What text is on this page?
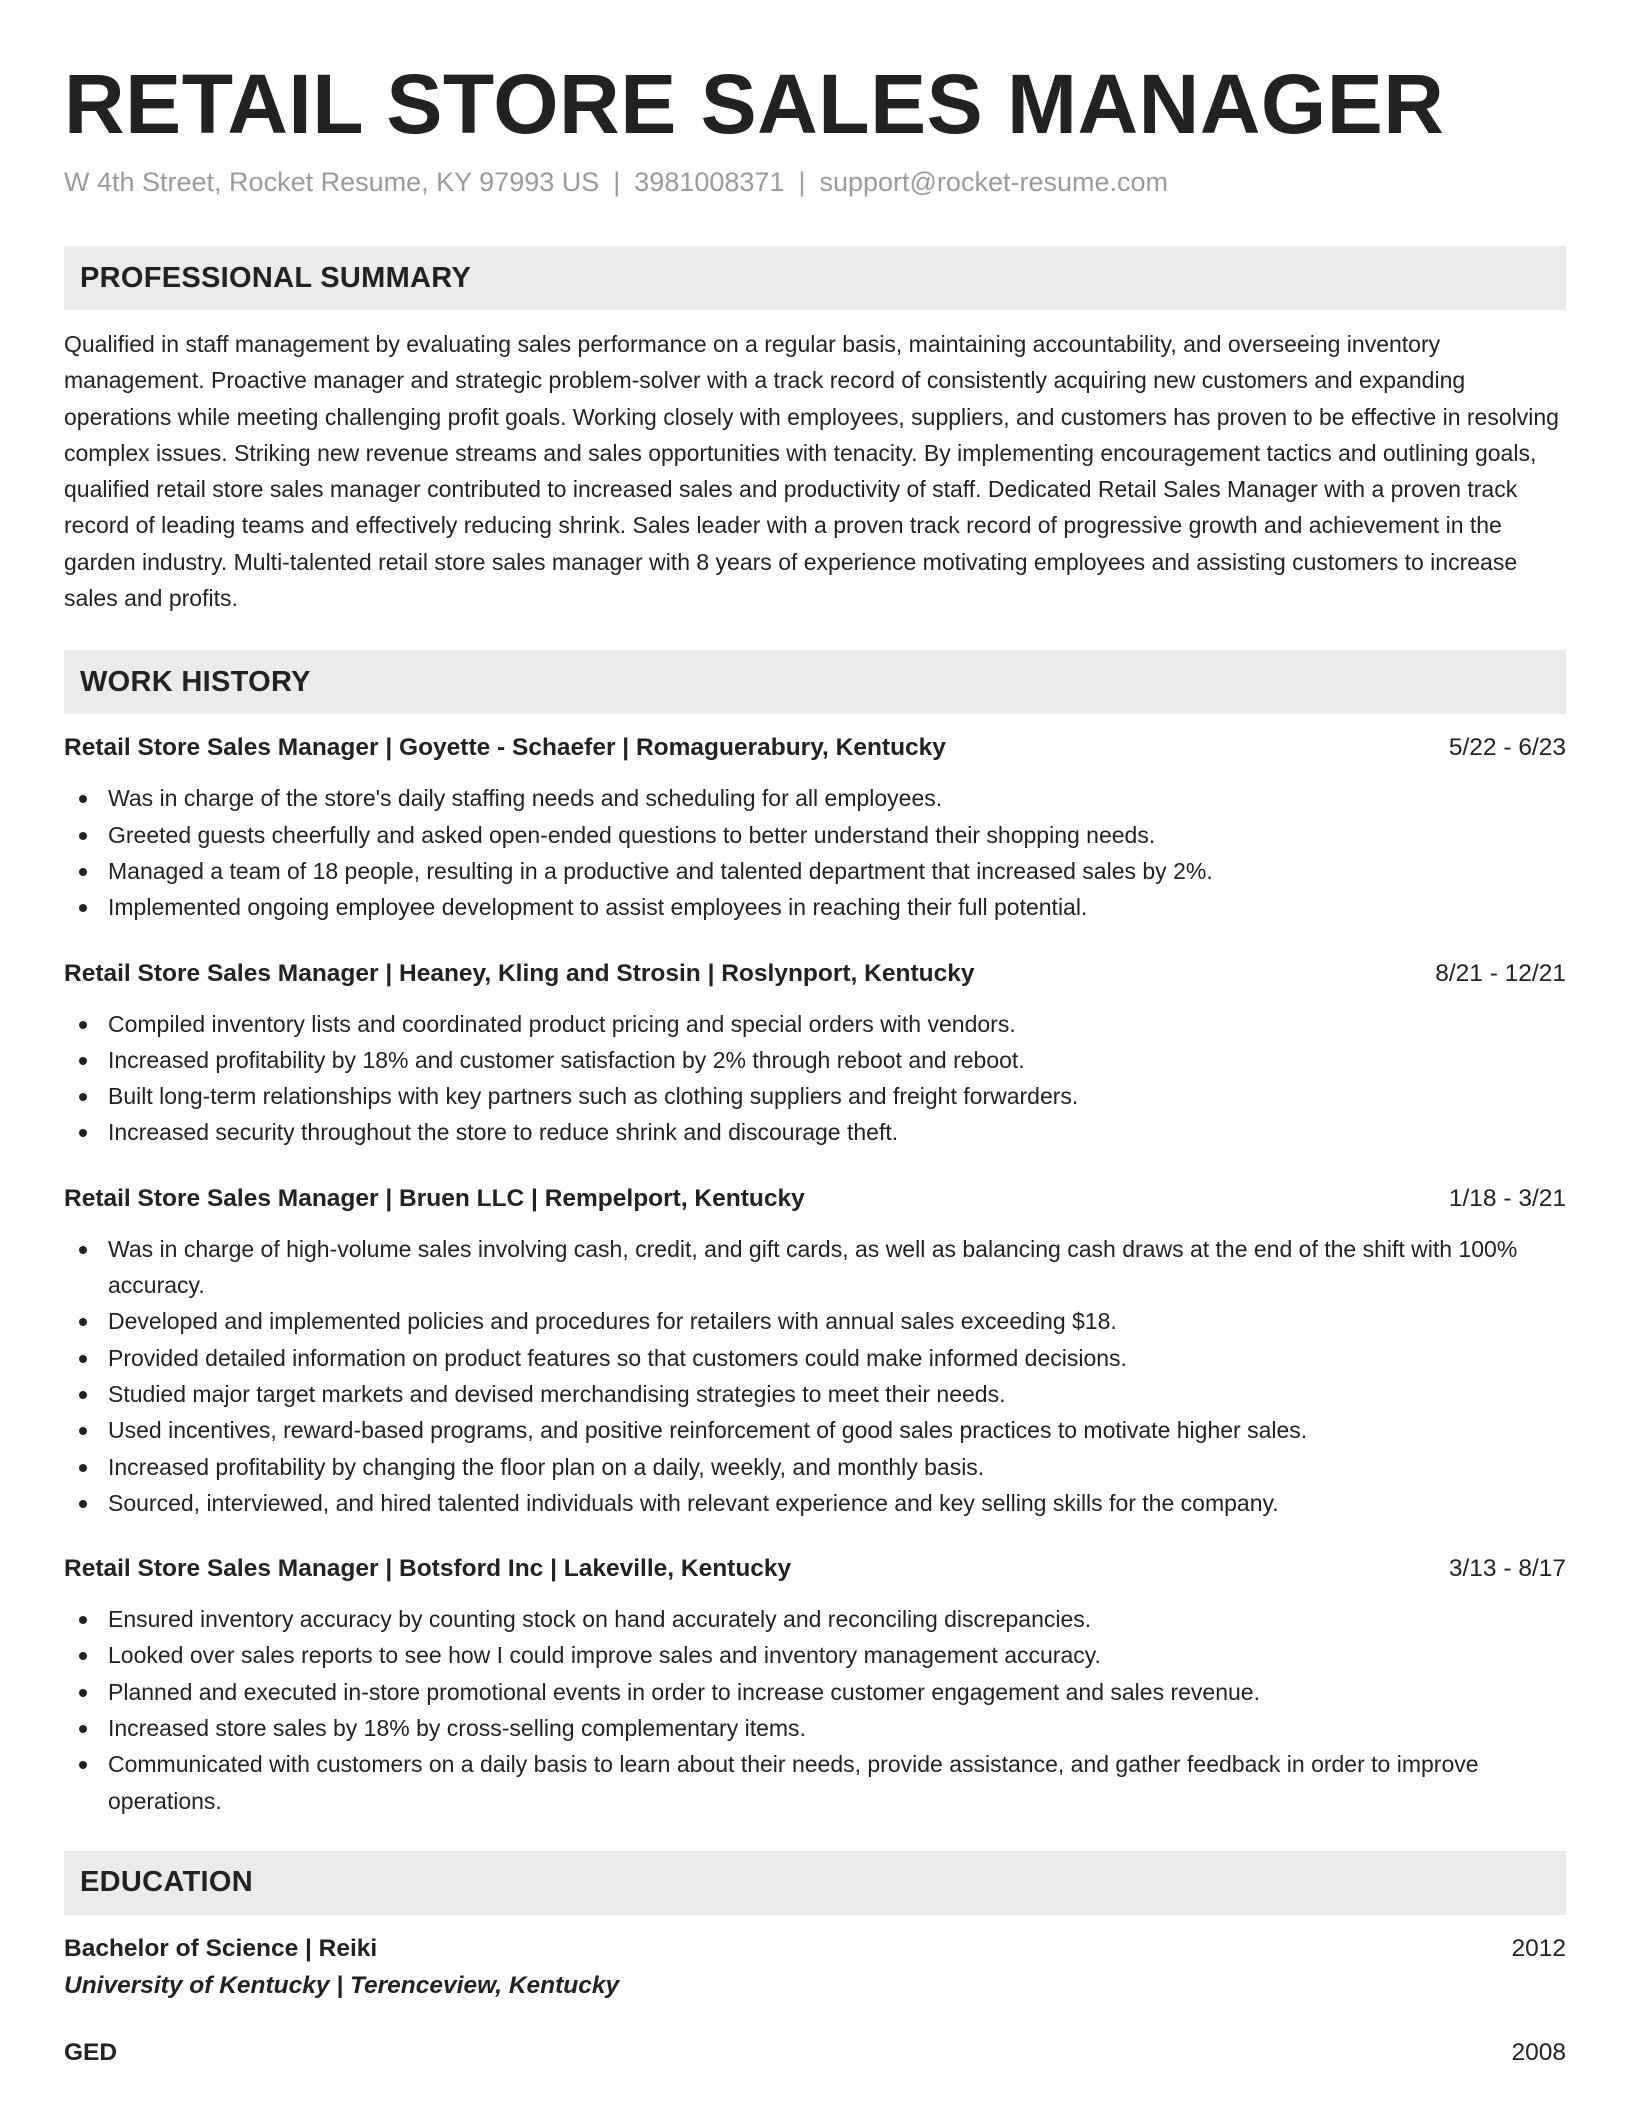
RETAIL STORE SALES MANAGER
W 4th Street, Rocket Resume, KY 97993 US | 3981008371 | support@rocket-resume.com
PROFESSIONAL SUMMARY
Qualified in staff management by evaluating sales performance on a regular basis, maintaining accountability, and overseeing inventory management. Proactive manager and strategic problem-solver with a track record of consistently acquiring new customers and expanding operations while meeting challenging profit goals. Working closely with employees, suppliers, and customers has proven to be effective in resolving complex issues. Striking new revenue streams and sales opportunities with tenacity. By implementing encouragement tactics and outlining goals, qualified retail store sales manager contributed to increased sales and productivity of staff. Dedicated Retail Sales Manager with a proven track record of leading teams and effectively reducing shrink. Sales leader with a proven track record of progressive growth and achievement in the garden industry. Multi-talented retail store sales manager with 8 years of experience motivating employees and assisting customers to increase sales and profits.
WORK HISTORY
Retail Store Sales Manager | Goyette - Schaefer | Romaguerabury, Kentucky	5/22 - 6/23
Was in charge of the store's daily staffing needs and scheduling for all employees.
Greeted guests cheerfully and asked open-ended questions to better understand their shopping needs.
Managed a team of 18 people, resulting in a productive and talented department that increased sales by 2%.
Implemented ongoing employee development to assist employees in reaching their full potential.
Retail Store Sales Manager | Heaney, Kling and Strosin | Roslynport, Kentucky	8/21 - 12/21
Compiled inventory lists and coordinated product pricing and special orders with vendors.
Increased profitability by 18% and customer satisfaction by 2% through reboot and reboot.
Built long-term relationships with key partners such as clothing suppliers and freight forwarders.
Increased security throughout the store to reduce shrink and discourage theft.
Retail Store Sales Manager | Bruen LLC | Rempelport, Kentucky	1/18 - 3/21
Was in charge of high-volume sales involving cash, credit, and gift cards, as well as balancing cash draws at the end of the shift with 100% accuracy.
Developed and implemented policies and procedures for retailers with annual sales exceeding $18.
Provided detailed information on product features so that customers could make informed decisions.
Studied major target markets and devised merchandising strategies to meet their needs.
Used incentives, reward-based programs, and positive reinforcement of good sales practices to motivate higher sales.
Increased profitability by changing the floor plan on a daily, weekly, and monthly basis.
Sourced, interviewed, and hired talented individuals with relevant experience and key selling skills for the company.
Retail Store Sales Manager | Botsford Inc | Lakeville, Kentucky	3/13 - 8/17
Ensured inventory accuracy by counting stock on hand accurately and reconciling discrepancies.
Looked over sales reports to see how I could improve sales and inventory management accuracy.
Planned and executed in-store promotional events in order to increase customer engagement and sales revenue.
Increased store sales by 18% by cross-selling complementary items.
Communicated with customers on a daily basis to learn about their needs, provide assistance, and gather feedback in order to improve operations.
EDUCATION
Bachelor of Science | Reiki	2012
University of Kentucky | Terenceview, Kentucky
GED	2008
